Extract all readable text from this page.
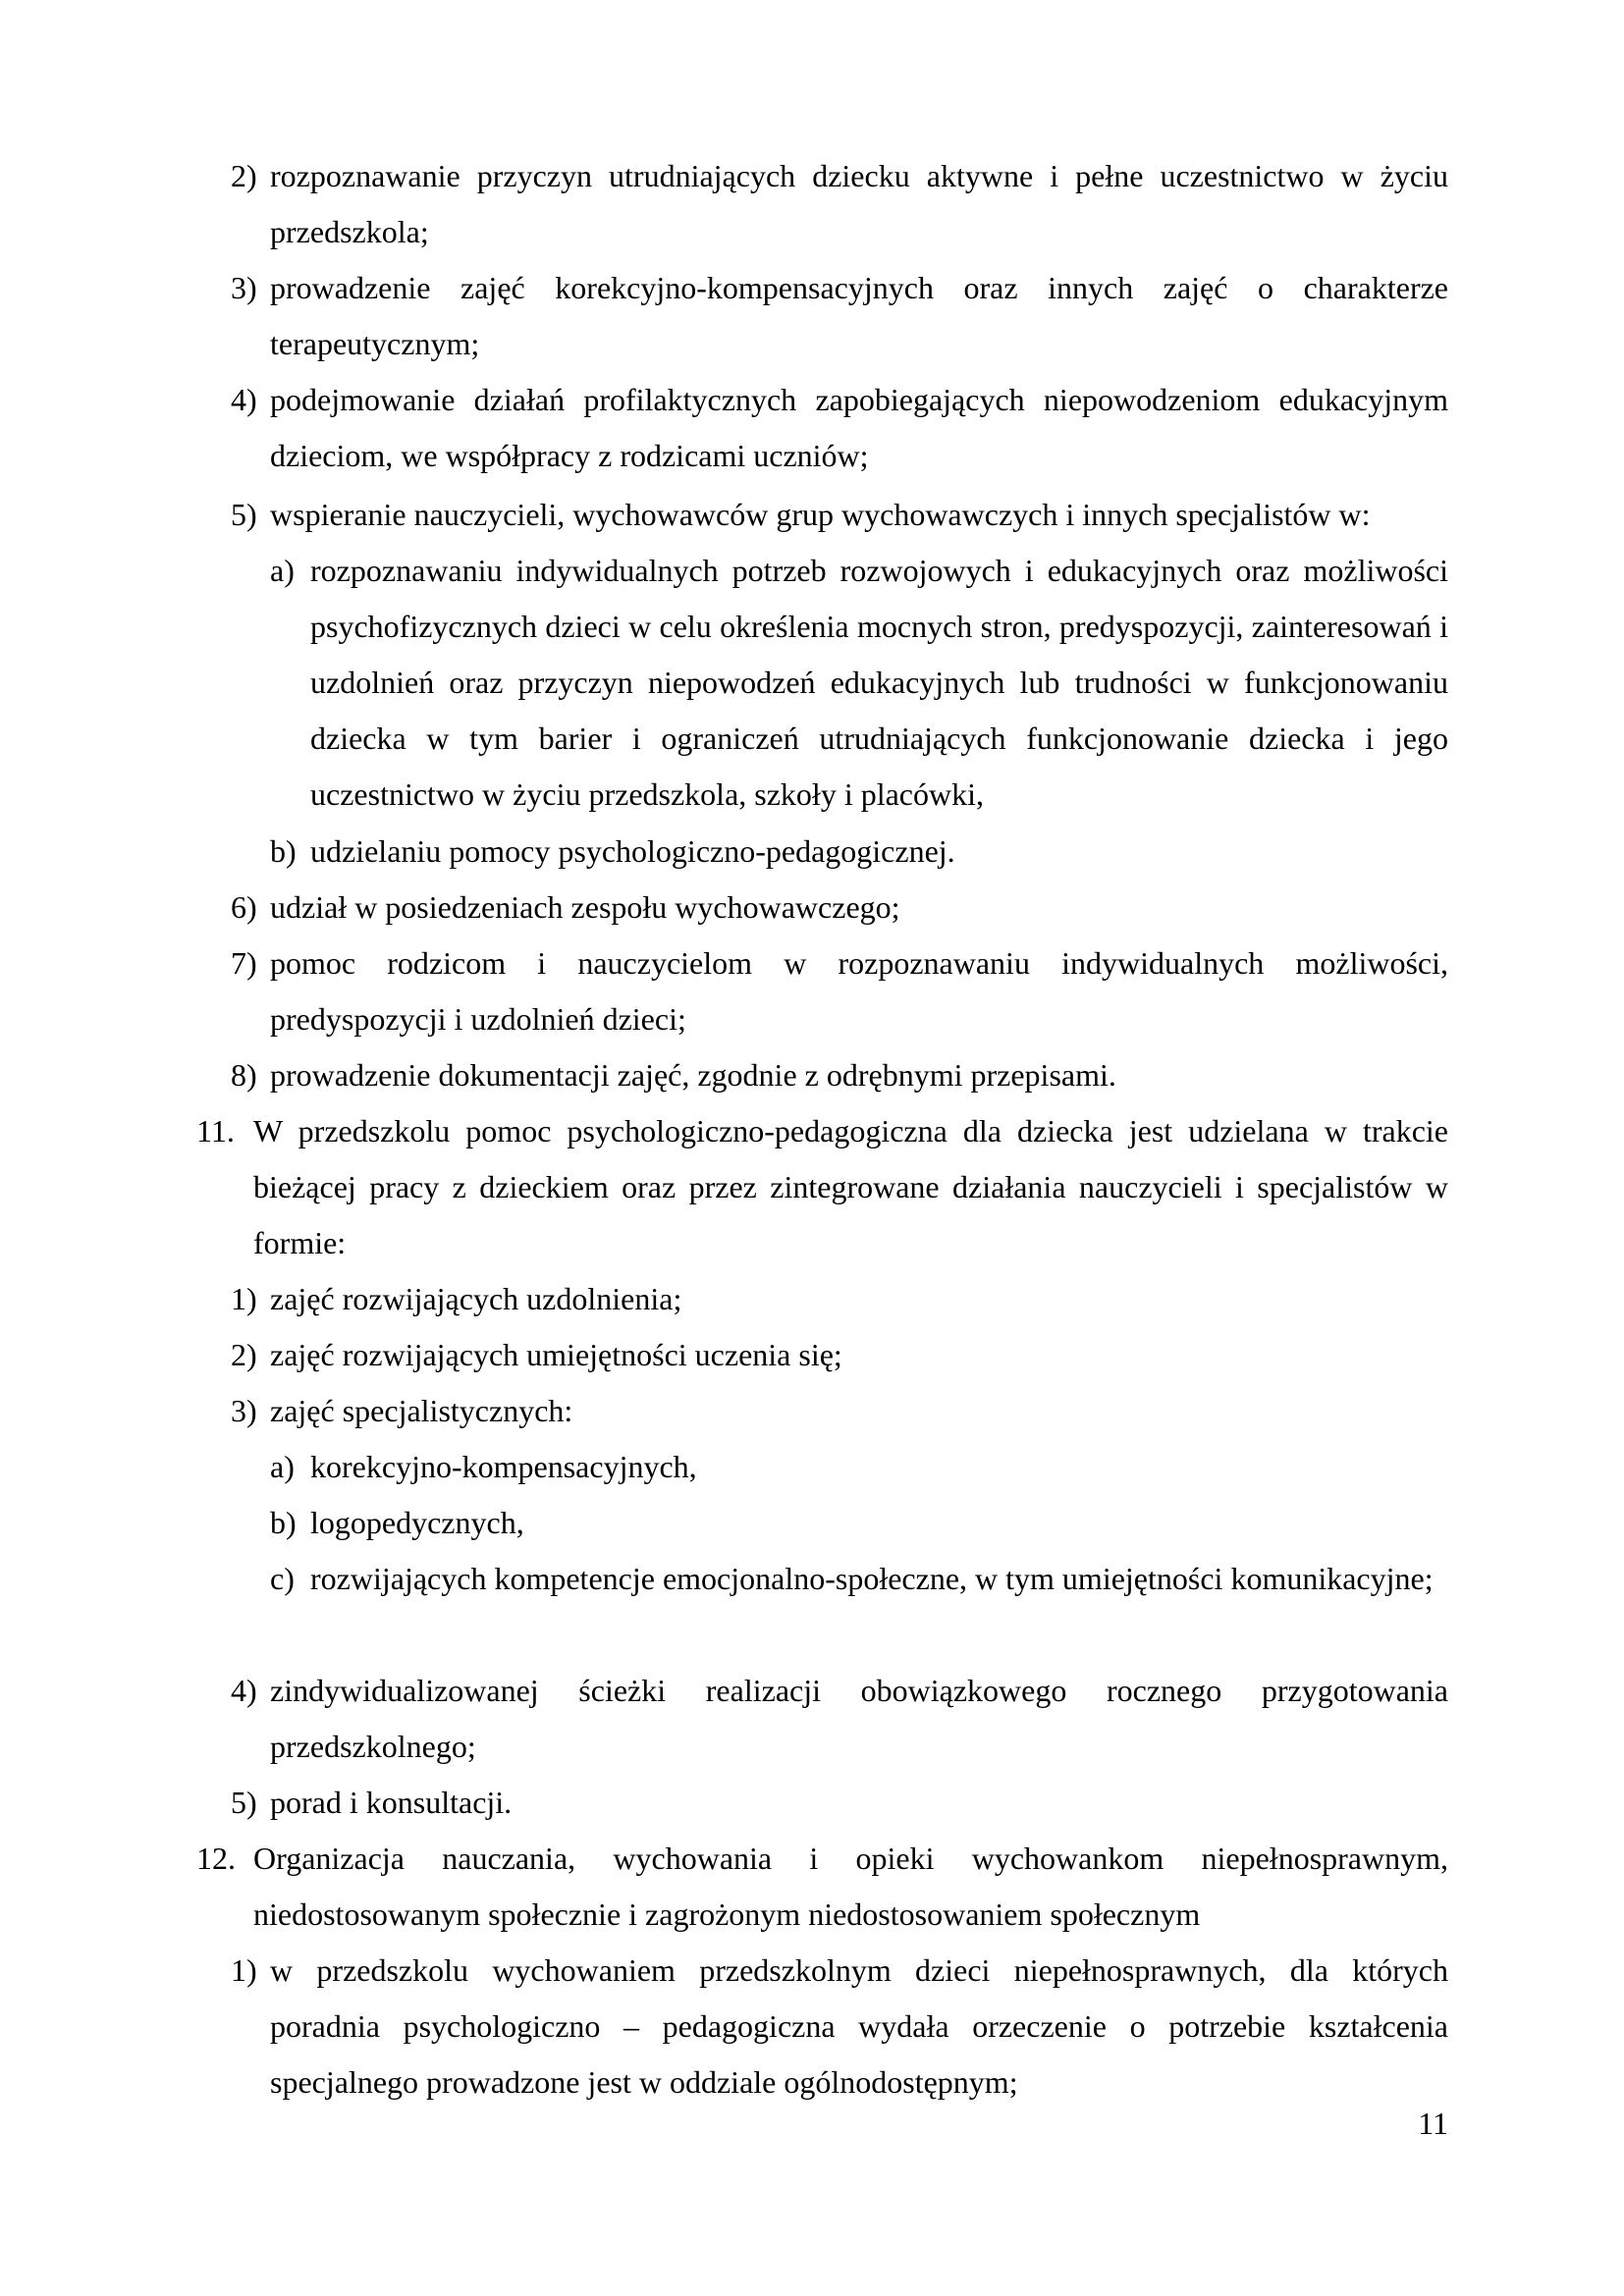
2) rozpoznawanie przyczyn utrudniających dziecku aktywne i pełne uczestnictwo w życiu przedszkola;
3) prowadzenie zajęć korekcyjno-kompensacyjnych oraz innych zajęć o charakterze terapeutycznym;
4) podejmowanie działań profilaktycznych zapobiegających niepowodzeniom edukacyjnym dzieciom, we współpracy z rodzicami uczniów;
5) wspieranie nauczycieli, wychowawców grup wychowawczych i innych specjalistów w:
a) rozpoznawaniu indywidualnych potrzeb rozwojowych i edukacyjnych oraz możliwości psychofizycznych dzieci w celu określenia mocnych stron, predyspozycji, zainteresowań i uzdolnień oraz przyczyn niepowodzeń edukacyjnych lub trudności w funkcjonowaniu dziecka w tym barier i ograniczeń utrudniających funkcjonowanie dziecka i jego uczestnictwo w życiu przedszkola, szkoły i placówki,
b) udzielaniu pomocy psychologiczno-pedagogicznej.
6) udział w posiedzeniach zespołu wychowawczego;
7) pomoc rodzicom i nauczycielom w rozpoznawaniu indywidualnych możliwości, predyspozycji i uzdolnień dzieci;
8) prowadzenie dokumentacji zajęć, zgodnie z odrębnymi przepisami.
11. W przedszkolu pomoc psychologiczno-pedagogiczna dla dziecka jest udzielana w trakcie bieżącej pracy z dzieckiem oraz przez zintegrowane działania nauczycieli i specjalistów w formie:
1) zajęć rozwijających uzdolnienia;
2) zajęć rozwijających umiejętności uczenia się;
3) zajęć specjalistycznych:
a) korekcyjno-kompensacyjnych,
b) logopedycznych,
c) rozwijających kompetencje emocjonalno-społeczne, w tym umiejętności komunikacyjne;
4) zindywidualizowanej ścieżki realizacji obowiązkowego rocznego przygotowania przedszkolnego;
5) porad i konsultacji.
12. Organizacja nauczania, wychowania i opieki wychowankom niepełnosprawnym, niedostosowanym społecznie i zagrożonym niedostosowaniem społecznym
1) w przedszkolu wychowaniem przedszkolnym dzieci niepełnosprawnych, dla których poradnia psychologiczno – pedagogiczna wydała orzeczenie o potrzebie kształcenia specjalnego prowadzone jest w oddziale ogólnodostępnym;
11
